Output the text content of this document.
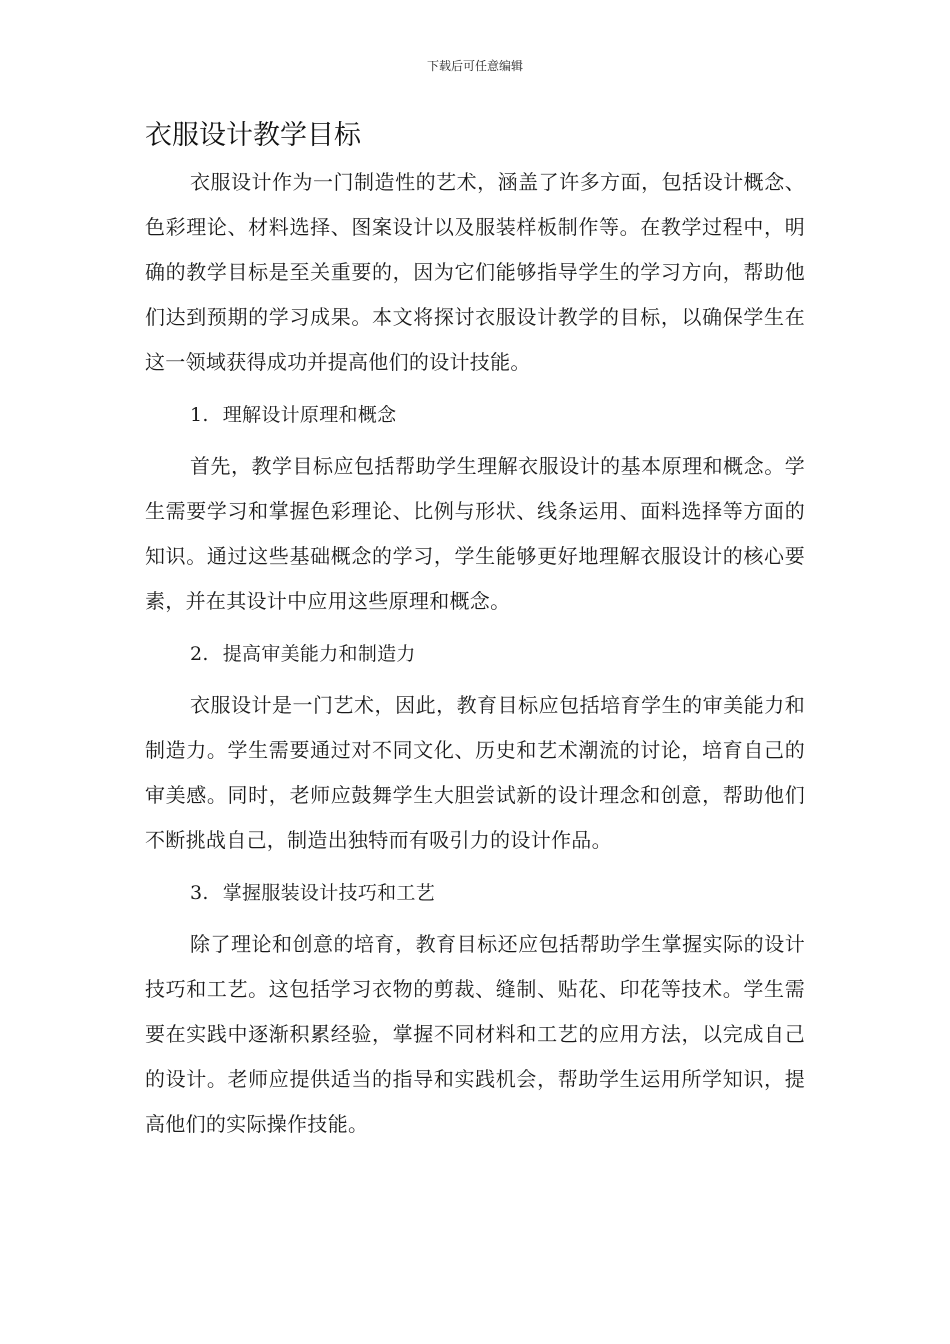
下载后可任意编辑
衣服设计教学目标

衣服设计作为一门制造性的艺术，涵盖了许多方面，包括设计概念、色彩理论、材料选择、图案设计以及服装样板制作等。在教学过程中，明确的教学目标是至关重要的，因为它们能够指导学生的学习方向，帮助他们达到预期的学习成果。本文将探讨衣服设计教学的目标，以确保学生在这一领域获得成功并提高他们的设计技能。

1. 理解设计原理和概念

首先，教学目标应包括帮助学生理解衣服设计的基本原理和概念。学生需要学习和掌握色彩理论、比例与形状、线条运用、面料选择等方面的知识。通过这些基础概念的学习，学生能够更好地理解衣服设计的核心要素，并在其设计中应用这些原理和概念。

2. 提高审美能力和制造力

衣服设计是一门艺术，因此，教育目标应包括培育学生的审美能力和制造力。学生需要通过对不同文化、历史和艺术潮流的讨论，培育自己的审美感。同时，老师应鼓舞学生大胆尝试新的设计理念和创意，帮助他们不断挑战自己，制造出独特而有吸引力的设计作品。

3. 掌握服装设计技巧和工艺

除了理论和创意的培育，教育目标还应包括帮助学生掌握实际的设计技巧和工艺。这包括学习衣物的剪裁、缝制、贴花、印花等技术。学生需要在实践中逐渐积累经验，掌握不同材料和工艺的应用方法，以完成自己的设计。老师应提供适当的指导和实践机会，帮助学生运用所学知识，提高他们的实际操作技能。
